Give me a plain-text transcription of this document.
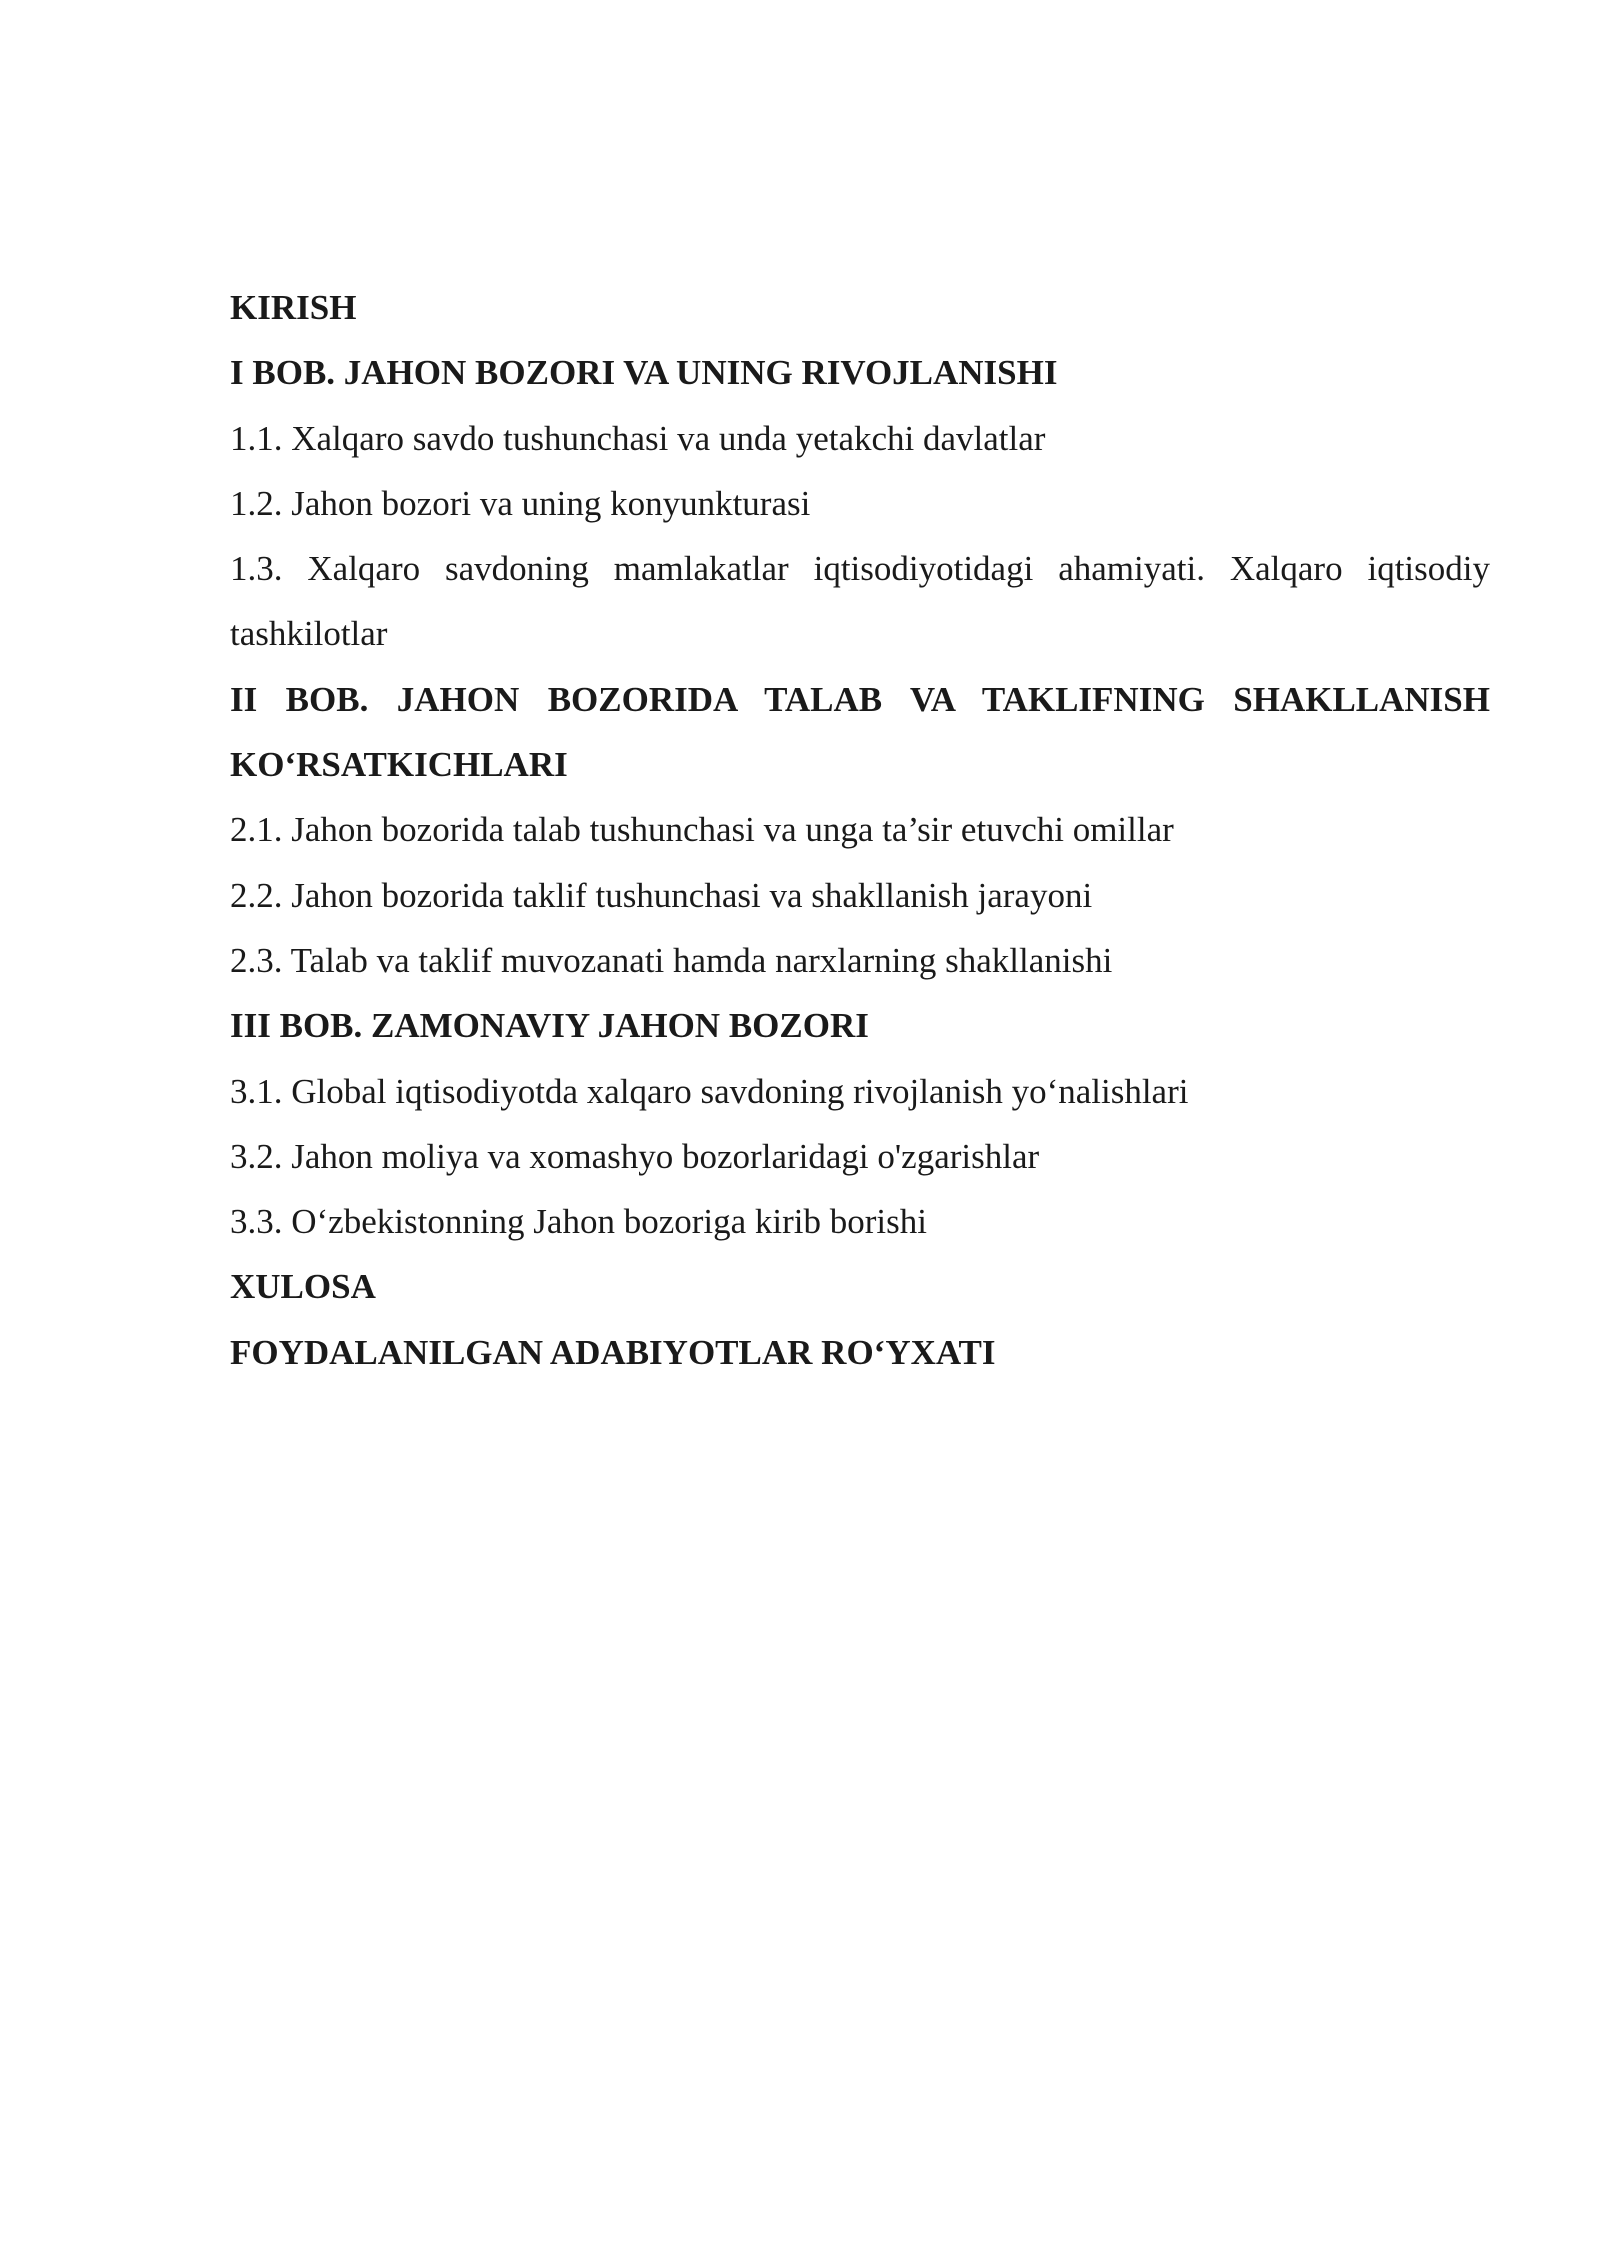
KIRISH
I BOB. JAHON BOZORI VA UNING RIVOJLANISHI
1.1. Xalqaro savdo tushunchasi va unda yetakchi davlatlar
1.2. Jahon bozori va uning konyunkturasi
1.3. Xalqaro savdoning mamlakatlar iqtisodiyotidagi ahamiyati. Xalqaro iqtisodiy
tashkilotlar
II BOB. JAHON BOZORIDA TALAB VA TAKLIFNING SHAKLLANISH
KO‘RSATKICHLARI
2.1. Jahon bozorida talab tushunchasi va unga ta’sir etuvchi omillar
2.2. Jahon bozorida taklif tushunchasi va shakllanish jarayoni
2.3. Talab va taklif muvozanati hamda narxlarning shakllanishi
III BOB. ZAMONAVIY JAHON BOZORI
3.1. Global iqtisodiyotda xalqaro savdoning rivojlanish yo‘nalishlari
3.2. Jahon moliya va xomashyo bozorlaridagi o'zgarishlar
3.3. O‘zbekistonning Jahon bozoriga kirib borishi
XULOSA
FOYDALANILGAN ADABIYOTLAR RO‘YXATI
